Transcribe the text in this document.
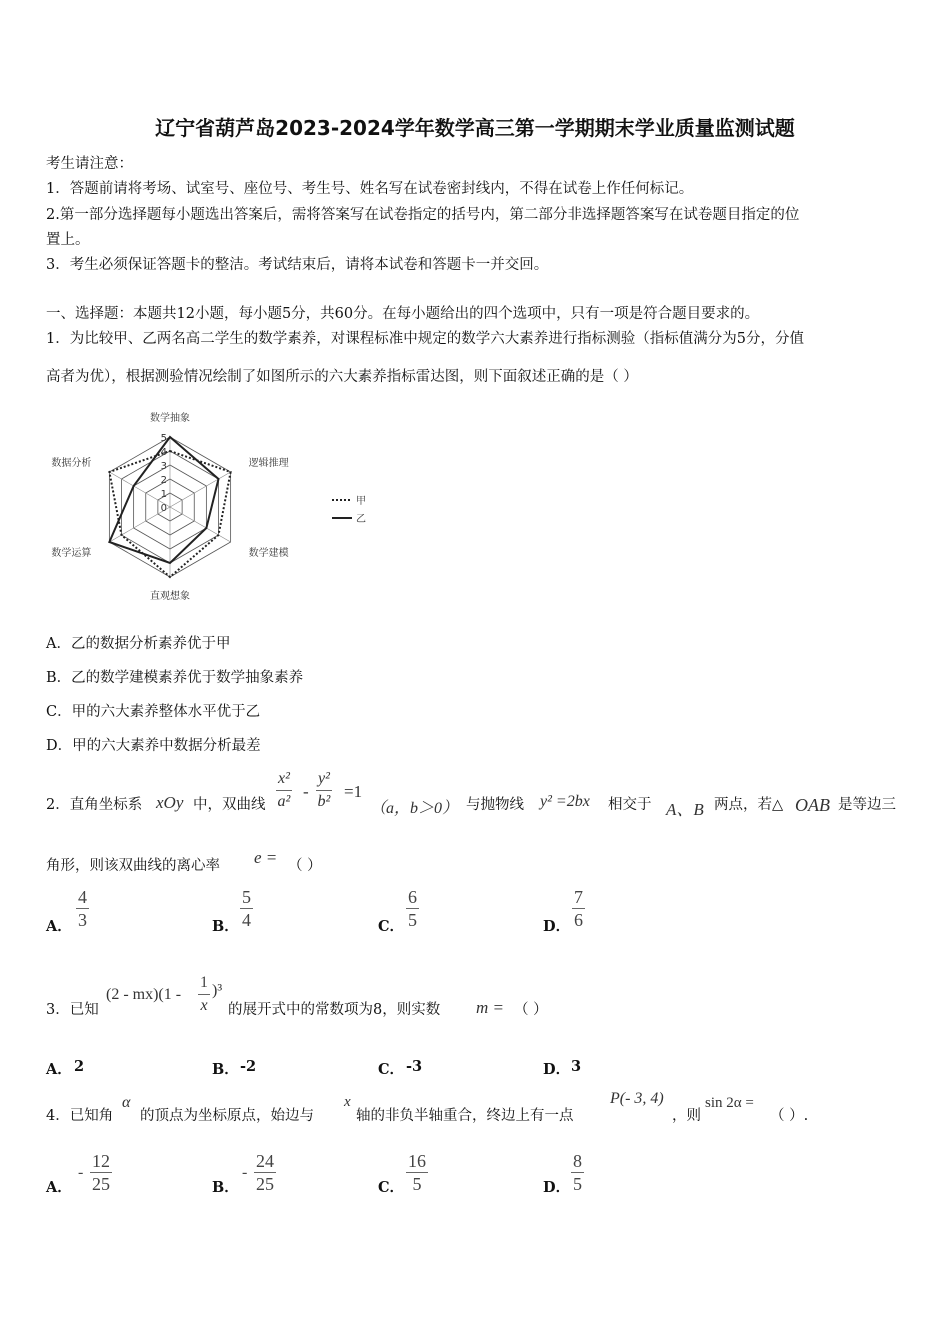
辽宁省葫芦岛2023-2024学年数学高三第一学期期末学业质量监测试题
考生请注意：
1．答题前请将考场、试室号、座位号、考生号、姓名写在试卷密封线内，不得在试卷上作任何标记。
2.第一部分选择题每小题选出答案后，需将答案写在试卷指定的括号内，第二部分非选择题答案写在试卷题目指定的位
置上。
3．考生必须保证答题卡的整洁。考试结束后，请将本试卷和答题卡一并交回。
一、选择题：本题共12小题，每小题5分，共60分。在每小题给出的四个选项中，只有一项是符合题目要求的。
1．为比较甲、乙两名高二学生的数学素养，对课程标准中规定的数学六大素养进行指标测验（指标值满分为5分，分值
高者为优），根据测验情况绘制了如图所示的六大素养指标雷达图，则下面叙述正确的是（ ）
数学抽象
逻辑推理
数学建模
直观想象
数学运算
数据分析
0
1
2
3
4
5
甲
乙
A．乙的数据分析素养优于甲
B．乙的数学建模素养优于数学抽象素养
C．甲的六大素养整体水平优于乙
D．甲的六大素养中数据分析最差
2．直角坐标系 xOy 中，双曲线 $\frac{\text{x²}}{\text{a²}} - \frac{\text{y²}}{\text{b²}} =1$
（a，b＞0） 与抛物线 y² =2bx 相交于 A、B 两点，若△ OAB 是等边三
角形，则该双曲线的离心率 e = （ ）
A． $\frac{4}{3}$	B． $\frac{5}{4}$	C． $\frac{6}{5}$	D． $\frac{7}{6}$
3．已知
$(2 - mx)(1 - \frac{1}{x} )^3$
的展开式中的常数项为8，则实数 m = （ ）
A． 2	B． -2	C． -3	D． 3
4．已知角
α
的顶点为坐标原点，始边与
x
轴的非负半轴重合，终边上有一点
P(- 3, 4)
，则
sin 2α =
（ ）.
A．
- $\frac{12}{25}$	B．
- $\frac{24}{25}$	C． $\frac{16}{5}$	D． $\frac{8}{5}$
